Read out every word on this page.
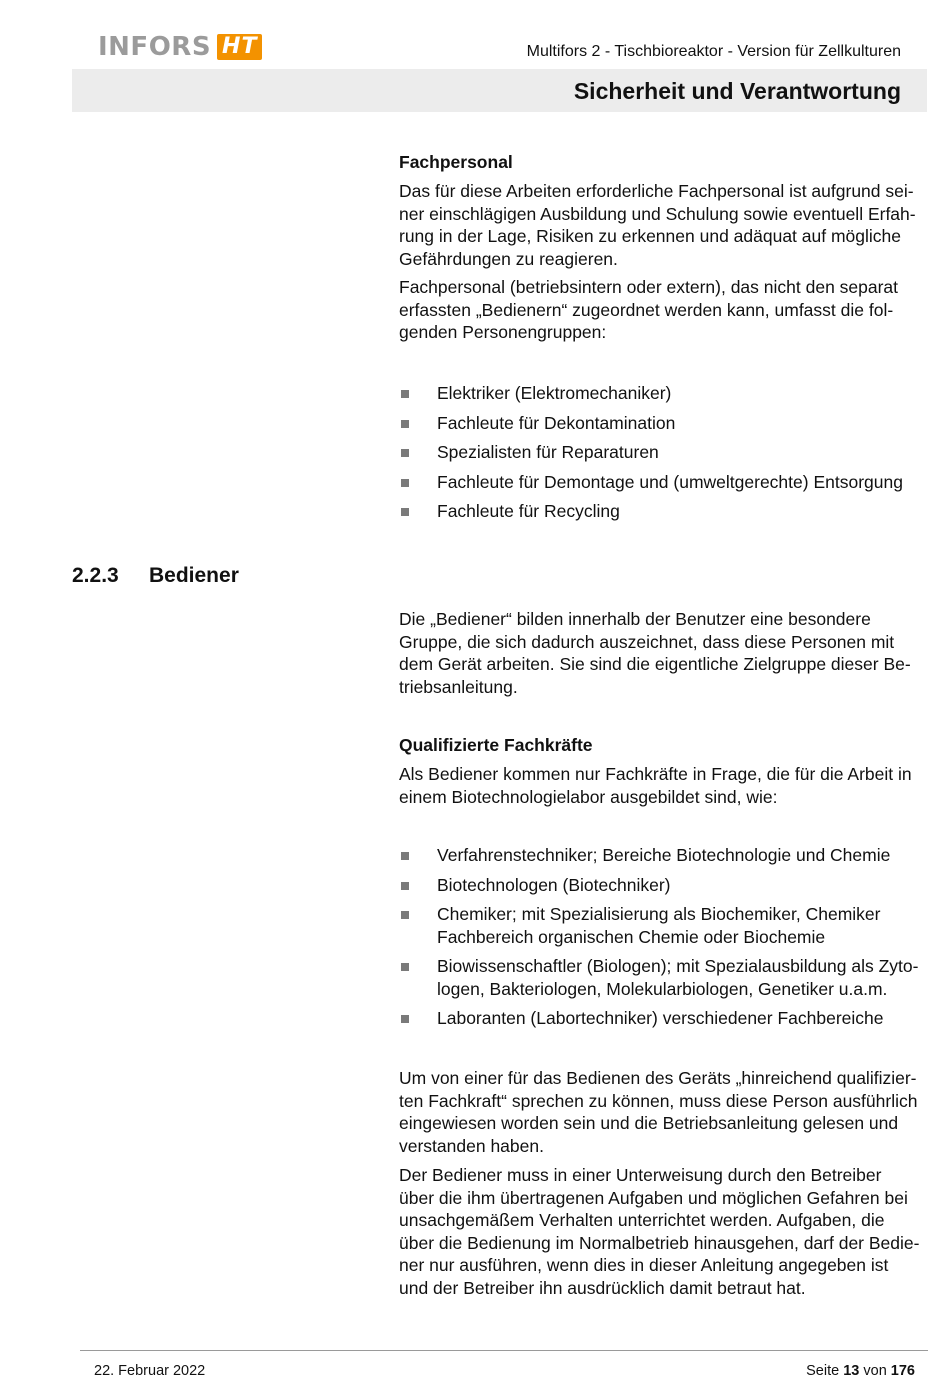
INFORS HT	Multifors 2 - Tischbioreaktor - Version für Zellkulturen
Sicherheit und Verantwortung
Fachpersonal

Das für diese Arbeiten erforderliche Fachpersonal ist aufgrund sei-
ner einschlägigen Ausbildung und Schulung sowie eventuell Erfah-
rung in der Lage, Risiken zu erkennen und adäquat auf mögliche
Gefährdungen zu reagieren.

Fachpersonal (betriebsintern oder extern), das nicht den separat
erfassten „Bedienern“ zugeordnet werden kann, umfasst die fol-
genden Personengruppen:

Elektriker (Elektromechaniker)
Fachleute für Dekontamination
Spezialisten für Reparaturen
Fachleute für Demontage und (umweltgerechte) Entsorgung
Fachleute für Recycling
2.2.3 Bediener

Die „Bediener“ bilden innerhalb der Benutzer eine besondere
Gruppe, die sich dadurch auszeichnet, dass diese Personen mit
dem Gerät arbeiten. Sie sind die eigentliche Zielgruppe dieser Be-
triebsanleitung.

Qualifizierte Fachkräfte

Als Bediener kommen nur Fachkräfte in Frage, die für die Arbeit in
einem Biotechnologielabor ausgebildet sind, wie:

Verfahrenstechniker; Bereiche Biotechnologie und Chemie
Biotechnologen (Biotechniker)
Chemiker; mit Spezialisierung als Biochemiker, Chemiker
Fachbereich organischen Chemie oder Biochemie
Biowissenschaftler (Biologen); mit Spezialausbildung als Zyto-
logen, Bakteriologen, Molekularbiologen, Genetiker u.a.m.
Laboranten (Labortechniker) verschiedener Fachbereiche

Um von einer für das Bedienen des Geräts „hinreichend qualifizier-
ten Fachkraft“ sprechen zu können, muss diese Person ausführlich
eingewiesen worden sein und die Betriebsanleitung gelesen und
verstanden haben.

Der Bediener muss in einer Unterweisung durch den Betreiber
über die ihm übertragenen Aufgaben und möglichen Gefahren bei
unsachgemäßem Verhalten unterrichtet werden. Aufgaben, die
über die Bedienung im Normalbetrieb hinausgehen, darf der Bedie-
ner nur ausführen, wenn dies in dieser Anleitung angegeben ist
und der Betreiber ihn ausdrücklich damit betraut hat.

22. Februar 2022	Seite 13 von 176
